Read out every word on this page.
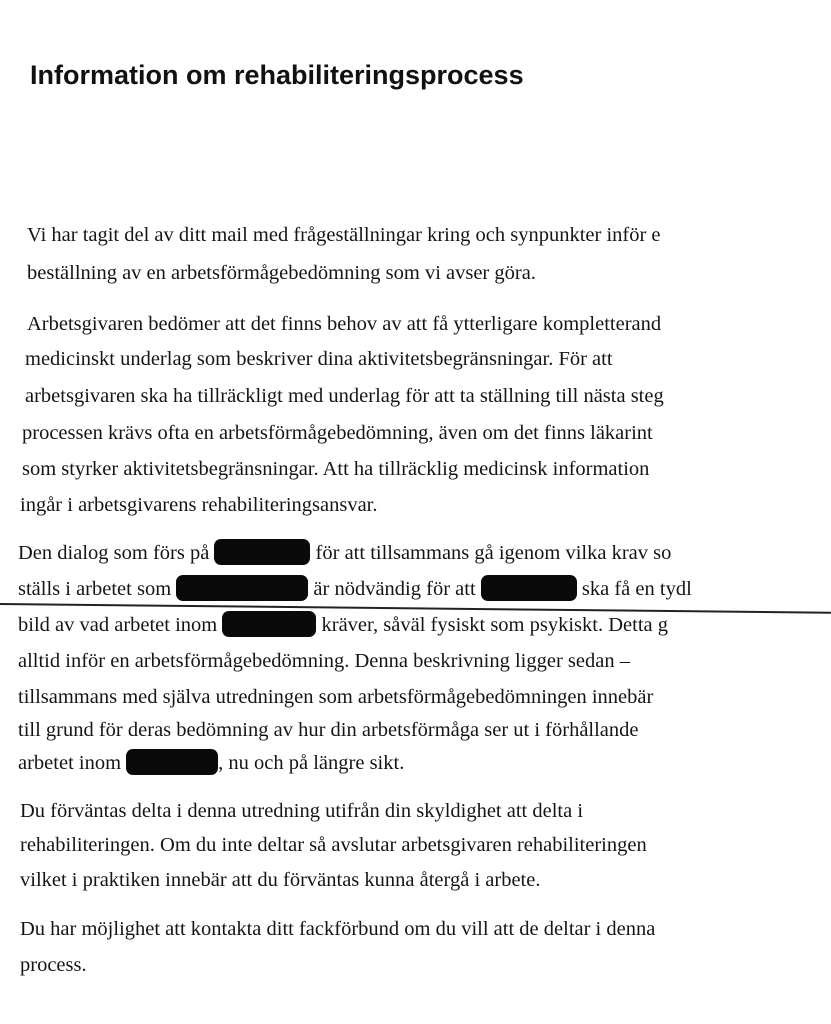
Information om rehabiliteringsprocess
Vi har tagit del av ditt mail med frågeställningar kring och synpunkter inför e
beställning av en arbetsförmågebedömning som vi avser göra.
Arbetsgivaren bedömer att det finns behov av att få ytterligare kompletterand
medicinskt underlag som beskriver dina aktivitetsbegränsningar. För att
arbetsgivaren ska ha tillräckligt med underlag för att ta ställning till nästa steg
processen krävs ofta en arbetsförmågebedömning, även om det finns läkarint
som styrker aktivitetsbegränsningar. Att ha tillräcklig medicinsk information
ingår i arbetsgivarens rehabiliteringsansvar.
Den dialog som förs på	för att tillsammans gå igenom vilka krav so
ställs i arbetet som	är nödvändig för att	ska få en tydl
bild av vad arbetet inom	kräver, såväl fysiskt som psykiskt. Detta g
alltid inför en arbetsförmågebedömning. Denna beskrivning ligger sedan –
tillsammans med själva utredningen som arbetsförmågebedömningen innebär
till grund för deras bedömning av hur din arbetsförmåga ser ut i förhållande
arbetet inom	, nu och på längre sikt.
Du förväntas delta i denna utredning utifrån din skyldighet att delta i
rehabiliteringen. Om du inte deltar så avslutar arbetsgivaren rehabiliteringen
vilket i praktiken innebär att du förväntas kunna återgå i arbete.
Du har möjlighet att kontakta ditt fackförbund om du vill att de deltar i denna
process.
